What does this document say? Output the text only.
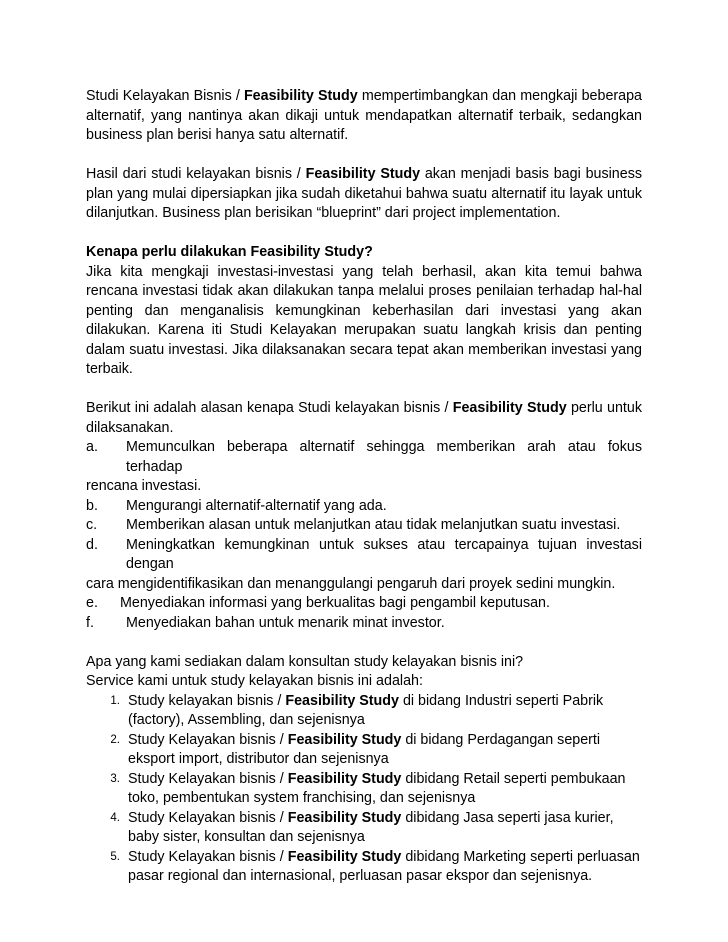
Studi Kelayakan Bisnis / Feasibility Study mempertimbangkan dan mengkaji beberapa alternatif, yang nantinya akan dikaji untuk mendapatkan alternatif terbaik, sedangkan business plan berisi hanya satu alternatif.

Hasil dari studi kelayakan bisnis / Feasibility Study akan menjadi basis bagi business plan yang mulai dipersiapkan jika sudah diketahui bahwa suatu alternatif itu layak untuk dilanjutkan. Business plan berisikan “blueprint” dari project implementation.

Kenapa perlu dilakukan Feasibility Study?

Jika kita mengkaji investasi-investasi yang telah berhasil, akan kita temui bahwa rencana investasi tidak akan dilakukan tanpa melalui proses penilaian terhadap hal-hal penting dan menganalisis kemungkinan keberhasilan dari investasi yang akan dilakukan. Karena iti Studi Kelayakan merupakan suatu langkah krisis dan penting dalam suatu investasi. Jika dilaksanakan secara tepat akan memberikan investasi yang terbaik.

Berikut ini adalah alasan kenapa Studi kelayakan bisnis / Feasibility Study perlu untuk dilaksanakan.

a.	Memunculkan beberapa alternatif sehingga memberikan arah atau fokus terhadap
rencana investasi.
b.	Mengurangi alternatif-alternatif yang ada.
c.	Memberikan alasan untuk melanjutkan atau tidak melanjutkan suatu investasi.
d.	Meningkatkan kemungkinan untuk sukses atau tercapainya tujuan investasi dengan
cara mengidentifikasikan dan menanggulangi pengaruh dari proyek sedini mungkin.
e.	Menyediakan informasi yang berkualitas bagi pengambil keputusan.
f.	Menyediakan bahan untuk menarik minat investor.

Apa yang kami sediakan dalam konsultan study kelayakan bisnis ini?

Service kami untuk study kelayakan bisnis ini adalah:

1. Study kelayakan bisnis / Feasibility Study di bidang Industri seperti Pabrik (factory), Assembling, dan sejenisnya
2. Study Kelayakan bisnis / Feasibility Study di bidang Perdagangan seperti eksport import, distributor dan sejenisnya
3. Study Kelayakan bisnis / Feasibility Study dibidang Retail seperti pembukaan toko, pembentukan system franchising, dan sejenisnya
4. Study Kelayakan bisnis / Feasibility Study dibidang Jasa seperti jasa kurier, baby sister, konsultan dan sejenisnya
5. Study Kelayakan bisnis / Feasibility Study dibidang Marketing seperti perluasan pasar regional dan internasional, perluasan pasar ekspor dan sejenisnya.
